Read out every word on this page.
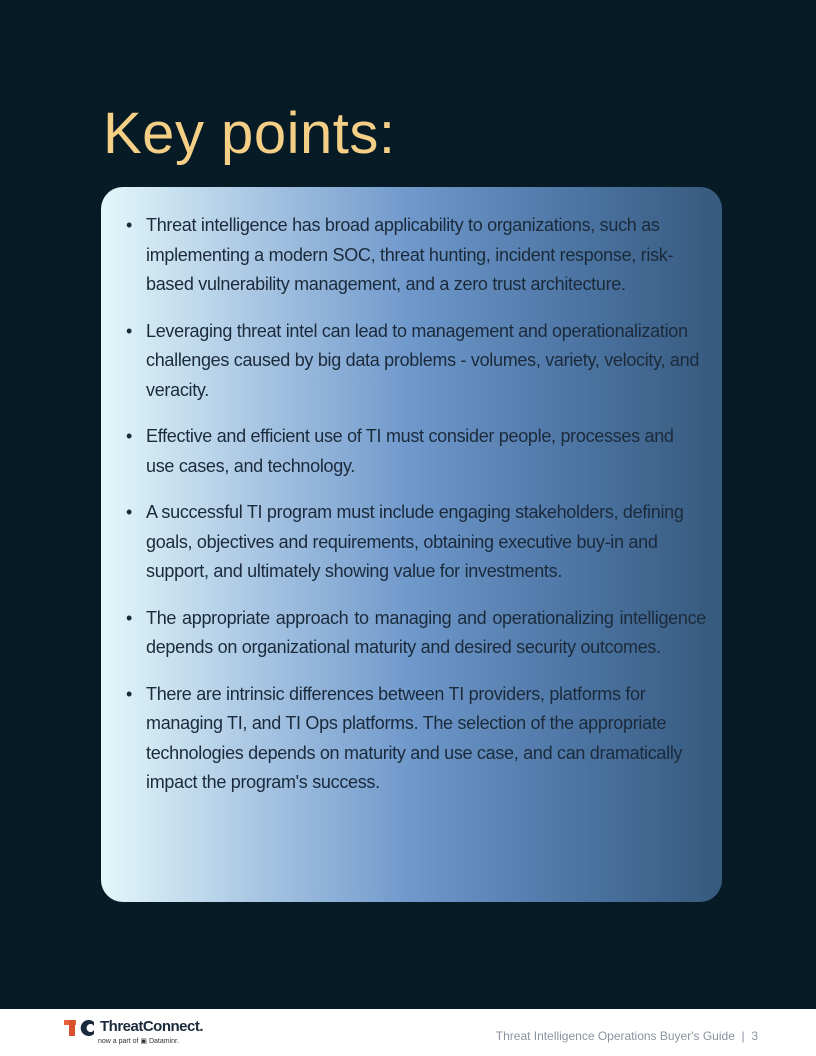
Key points:
• Threat intelligence has broad applicability to organizations, such as implementing a modern SOC, threat hunting, incident response, risk-based vulnerability management, and a zero trust architecture.
• Leveraging threat intel can lead to management and operationalization challenges caused by big data problems - volumes, variety, velocity, and veracity.
• Effective and efficient use of TI must consider people, processes and use cases, and technology.
• A successful TI program must include engaging stakeholders, defining goals, objectives and requirements, obtaining executive buy-in and support, and ultimately showing value for investments.
• The appropriate approach to managing and operationalizing intelligence depends on organizational maturity and desired security outcomes.
• There are intrinsic differences between TI providers, platforms for managing TI, and TI Ops platforms. The selection of the appropriate technologies depends on maturity and use case, and can dramatically impact the program's success.
ThreatConnect.
now a part of ▣ Dataminr.	Threat Intelligence Operations Buyer's Guide  |  3
